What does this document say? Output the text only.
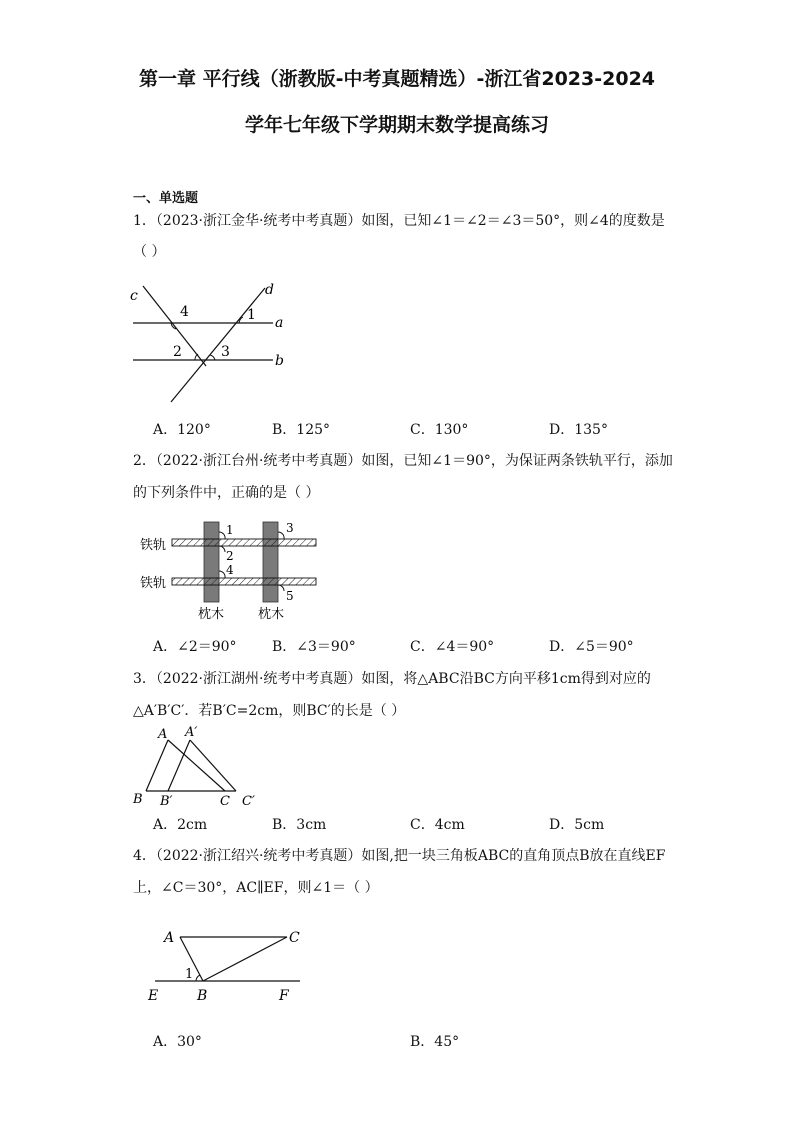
第一章 平行线（浙教版-中考真题精选）-浙江省2023-2024
学年七年级下学期期末数学提高练习
一、单选题
1．（2023·浙江金华·统考中考真题）如图，已知∠1＝∠2＝∠3＝50°，则∠4的度数是
（ ）
c	d
a
b
4	1
2	3
A．120°	B．125°	C．130°	D．135°
2．（2022·浙江台州·统考中考真题）如图，已知∠1＝90°，为保证两条铁轨平行，添加
的下列条件中，正确的是（ ）
1
2
4
3
5
铁轨
铁轨
枕木	枕木
A．∠2＝90°	B．∠3＝90°	C．∠4＝90°	D．∠5＝90°
3．（2022·浙江湖州·统考中考真题）如图，将△ABC沿BC方向平移1cm得到对应的
△A′B′C′．若B′C=2cm，则BC′的长是（ ）
A A′
B B′	C C′
A．2cm	B．3cm	C．4cm	D．5cm
4．（2022·浙江绍兴·统考中考真题）如图,把一块三角板ABC的直角顶点B放在直线EF
上，∠C＝30°，AC∥EF，则∠1＝（ ）
A	C
1
E	B	F
A．30°	B．45°
